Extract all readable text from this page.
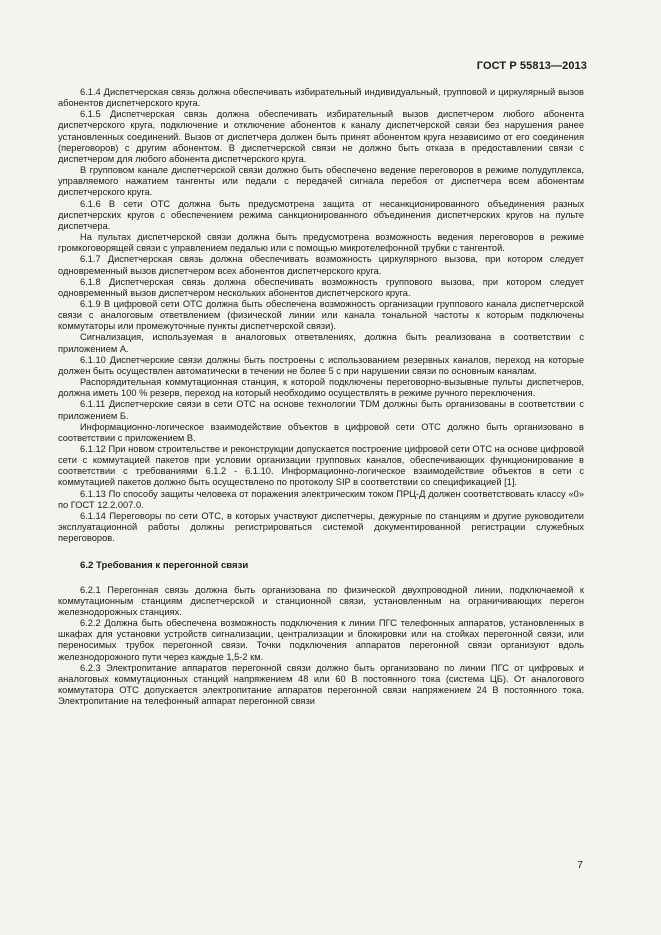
ГОСТ Р 55813—2013

6.1.4 Диспетчерская связь должна обеспечивать избирательный индивидуальный, групповой и циркулярный вызов абонентов диспетчерского круга.

6.1.5 Диспетчерская связь должна обеспечивать избирательный вызов диспетчером любого абонента диспетчерского круга, подключение и отключение абонентов к каналу диспетчерской связи без нарушения ранее установленных соединений. Вызов от диспетчера должен быть принят абонентом круга независимо от его соединения (переговоров) с другим абонентом. В диспетчерской связи не должно быть отказа в предоставлении связи с диспетчером для любого абонента диспетчерского круга.

В групповом канале диспетчерской связи должно быть обеспечено ведение переговоров в режиме полудуплекса, управляемого нажатием тангенты или педали с передачей сигнала перебоя от диспетчера всем абонентам диспетчерского круга.

6.1.6 В сети ОТС должна быть предусмотрена защита от несанкционированного объединения разных диспетчерских кругов с обеспечением режима санкционированного объединения диспетчерских кругов на пульте диспетчера.

На пультах диспетчерской связи должна быть предусмотрена возможность ведения переговоров в режиме громкоговорящей связи с управлением педалью или с помощью микротелефонной трубки с тангентой.

6.1.7 Диспетчерская связь должна обеспечивать возможность циркулярного вызова, при котором следует одновременный вызов диспетчером всех абонентов диспетчерского круга.

6.1.8 Диспетчерская связь должна обеспечивать возможность группового вызова, при котором следует одновременный вызов диспетчером нескольких абонентов диспетчерского круга.

6.1.9 В цифровой сети ОТС должна быть обеспечена возможность организации группового канала диспетчерской связи с аналоговым ответвлением (физической линии или канала тональной частоты к которым подключены коммутаторы или промежуточные пункты диспетчерской связи).

Сигнализация, используемая в аналоговых ответвлениях, должна быть реализована в соответствии с приложением А.

6.1.10 Диспетчерские связи должны быть построены с использованием резервных каналов, переход на которые должен быть осуществлен автоматически в течении не более 5 с при нарушении связи по основным каналам.

Распорядительная коммутационная станция, к которой подключены переговорно-вызывные пульты диспетчеров, должна иметь 100 % резерв, переход на который необходимо осуществлять в режиме ручного переключения.

6.1.11 Диспетчерские связи в сети ОТС на основе технологии TDM должны быть организованы в соответствии с приложением Б.

Информационно-логическое взаимодействие объектов в цифровой сети ОТС должно быть организовано в соответствии с приложением В.

6.1.12 При новом строительстве и реконструкции допускается построение цифровой сети ОТС на основе цифровой сети с коммутацией пакетов при условии организации групповых каналов, обеспечивающих функционирование в соответствии с требованиями 6.1.2 - 6.1.10. Информационно-логическое взаимодействие объектов в сети с коммутацией пакетов должно быть осуществлено по протоколу SIP в соответствии со спецификацией [1].

6.1.13 По способу защиты человека от поражения электрическим током ПРЦ-Д должен соответствовать классу «0» по ГОСТ 12.2.007.0.

6.1.14 Переговоры по сети ОТС, в которых участвуют диспетчеры, дежурные по станциям и другие руководители эксплуатационной работы должны регистрироваться системой документированной регистрации служебных переговоров.

6.2 Требования к перегонной связи

6.2.1 Перегонная связь должна быть организована по физической двухпроводной линии, подключаемой к коммутационным станциям диспетчерской и станционной связи, установленным на ограничивающих перегон железнодорожных станциях.

6.2.2 Должна быть обеспечена возможность подключения к линии ПГС телефонных аппаратов, установленных в шкафах для установки устройств сигнализации, централизации и блокировки или на стойках перегонной связи, или переносимых трубок перегонной связи. Точки подключения аппаратов перегонной связи организуют вдоль железнодорожного пути через каждые 1,5-2 км.

6.2.3 Электропитание аппаратов перегонной связи должно быть организовано по линии ПГС от цифровых и аналоговых коммутационных станций напряжением 48 или 60 В постоянного тока (система ЦБ). От аналогового коммутатора ОТС допускается электропитание аппаратов перегонной связи напряжением 24 В постоянного тока. Электропитание на телефонный аппарат перегонной связи

7
